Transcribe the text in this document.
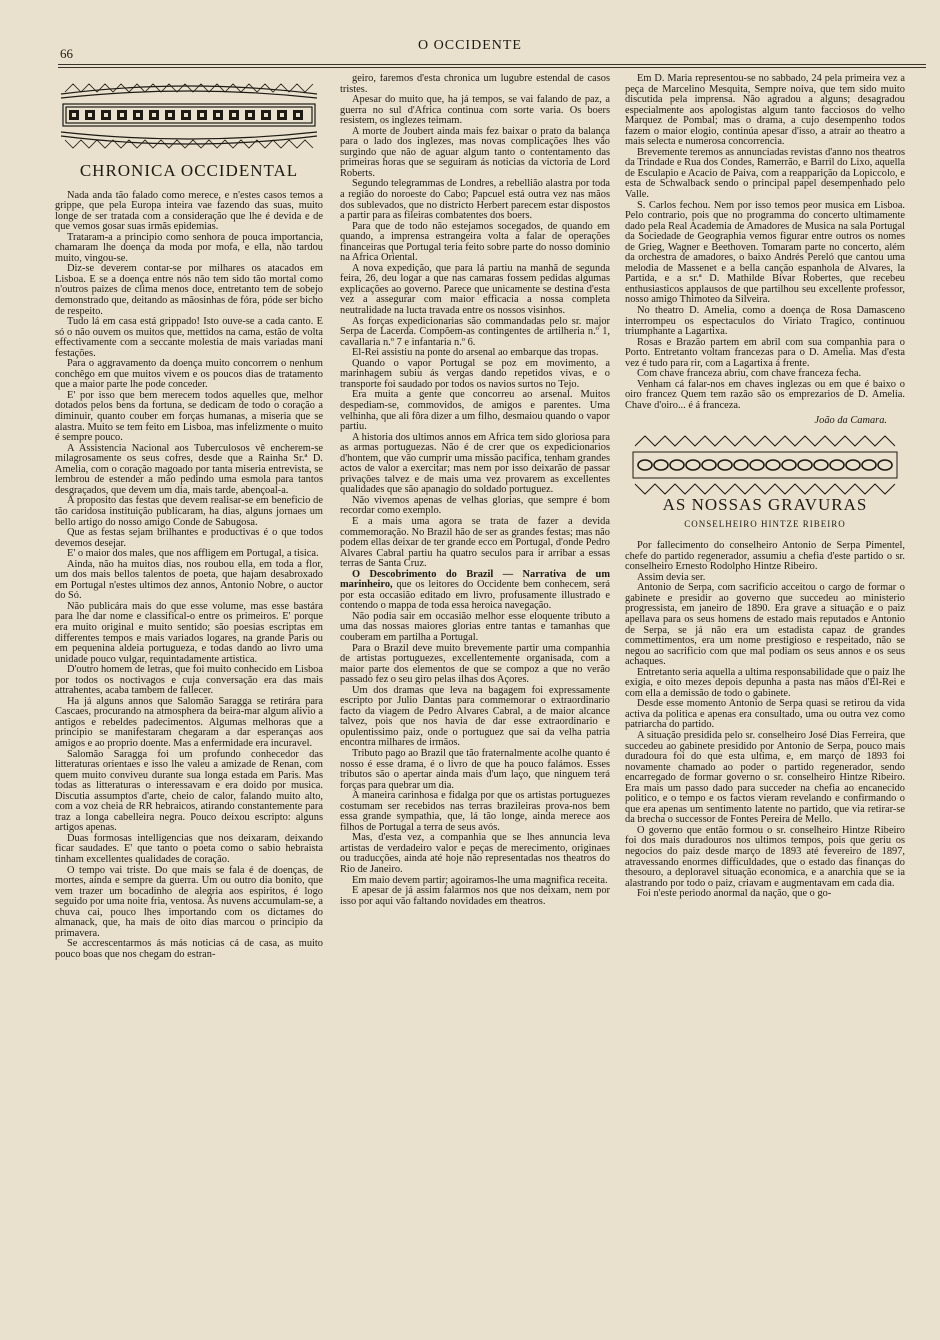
66
O OCCIDENTE
CHRONICA OCCIDENTAL

Nada anda tão falado como merece, e n'estes casos temos a grippe, que pela Europa inteira vae fazendo das suas, muito longe de ser tratada com a consideração que lhe é devida e de que vemos gosar suas irmãs epidemias.

Trataram-a a principio como senhora de pouca importancia, chamaram lhe doença da moda por mofa, e ella, não tardou muito, vingou-se.

Diz-se deverem contar-se por milhares os atacados em Lisboa. E se a doença entre nós não tem sido tão mortal como n'outros paizes de clima menos doce, entretanto tem de sobejo demonstrado que, deitando as mãosinhas de fóra, póde ser bicho de respeito.

Tudo lá em casa está grippado! Isto ouve-se a cada canto. E só o não ouvem os muitos que, mettidos na cama, estão de volta effectivamente com a seccante molestia de mais variadas mani festações.

Para o aggravamento da doença muito concorrem o nenhum conchêgo em que muitos vivem e os poucos dias de tratamento que a maior parte lhe pode conceder.

E' por isso que bem merecem todos aquelles que, melhor dotados pelos bens da fortuna, se dedicam de todo o coração a diminuir, quanto couber em forças humanas, a miseria que se alastra. Muito se tem feito em Lisboa, mas infelizmente o muito é sempre pouco.

A Assistencia Nacional aos Tuberculosos vê encherem-se milagrosamente os seus cofres, desde que a Rainha Sr.ª D. Amelia, com o coração magoado por tanta miseria entrevista, se lembrou de estender a mão pedindo uma esmola para tantos desgraçados, que devem um dia, mais tarde, abençoal-a.

A proposito das festas que devem realisar-se em beneficio de tão caridosa instituição publicaram, ha dias, alguns jornaes um bello artigo do nosso amigo Conde de Sabugosa.

Que as festas sejam brilhantes e productivas é o que todos devemos desejar.

E' o maior dos males, que nos affligem em Portugal, a tisica.

Ainda, não ha muitos dias, nos roubou ella, em toda a flor, um dos mais bellos talentos de poeta, que hajam desabroxado em Portugal n'estes ultimos dez annos, Antonio Nobre, o auctor do Só.

Não publicára mais do que esse volume, mas esse bastára para lhe dar nome e classifical-o entre os primeiros. E' porque era muito original e muito sentido; são poesias escriptas em differentes tempos e mais variados logares, na grande Paris ou em pequenina aldeia portugueza, e todas dando ao livro uma unidade pouco vulgar, requintadamente artistica.

D'outro homem de letras, que foi muito conhecido em Lisboa por todos os noctivagos e cuja conversação era das mais attrahentes, acaba tambem de fallecer.

Ha já alguns annos que Salomão Saragga se retirára para Cascaes, procurando na atmosphera da beira-mar algum alivio a antigos e rebeldes padecimentos. Algumas melhoras que a principio se manifestaram chegaram a dar esperanças aos amigos e ao proprio doente. Mas a enfermidade era incuravel.

Salomão Saragga foi um profundo conhecedor das litteraturas orientaes e isso lhe valeu a amizade de Renan, com quem muito conviveu durante sua longa estada em Paris. Mas todas as litteraturas o interessavam e era doido por musica. Discutia assumptos d'arte, cheio de calor, falando muito alto, com a voz cheia de RR hebraicos, atirando constantemente para traz a longa cabelleira negra. Pouco deixou escripto: alguns artigos apenas.

Duas formosas intelligencias que nos deixaram, deixando ficar saudades. E' que tanto o poeta como o sabio hebraista tinham excellentes qualidades de coração.

O tempo vai triste. Do que mais se fala é de doenças, de mortes, ainda e sempre da guerra. Um ou outro dia bonito, que vem trazer um bocadinho de alegria aos espiritos, é logo seguido por uma noite fria, ventosa. As nuvens accumulam-se, a chuva cai, pouco lhes importando com os dictames do almanack, que, ha mais de oito dias marcou o principio da primavera.

Se accrescentarmos ás más noticias cá de casa, as muito pouco boas que nos chegam do estran-

geiro, faremos d'esta chronica um lugubre estendal de casos tristes.

Apesar do muito que, ha já tempos, se vai falando de paz, a guerra no sul d'Africa continua com sorte varia. Os boers resistem, os inglezes teimam.

A morte de Joubert ainda mais fez baixar o prato da balança para o lado dos inglezes, mas novas complicações lhes vão surgindo que não de aguar algum tanto o contentamento das primeiras horas que se seguiram ás noticias da victoria de Lord Roberts.

Segundo telegrammas de Londres, a rebellião alastra por toda a região do noroeste do Cabo; Papcuel está outra vez nas mãos dos sublevados, que no districto Herbert parecem estar dispostos a partir para as fileiras combatentes dos boers.

Para que de todo não estejamos socegados, de quando em quando, a imprensa estrangeira volta a falar de operações financeiras que Portugal teria feito sobre parte do nosso dominio na Africa Oriental.

A nova expedição, que para lá partiu na manhã de segunda feira, 26, deu logar a que nas camaras fossem pedidas algumas explicações ao governo. Parece que unicamente se destina d'esta vez a assegurar com maior efficacia a nossa completa neutralidade na lucta travada entre os nossos visinhos.

As forças expedicionarias são commandadas pelo sr. major Serpa de Lacerda. Compõem-as contingentes de artilheria n.º 1, cavallaria n.º 7 e infantaria n.º 6.

El-Rei assistiu na ponte do arsenal ao embarque das tropas.

Quando o vapor Portugal se poz em movimento, a marinhagem subiu ás vergas dando repetidos vivas, e o transporte foi saudado por todos os navios surtos no Tejo.

Era muita a gente que concorreu ao arsenal. Muitos despediam-se, commovidos, de amigos e parentes. Uma velhinha, que ali fôra dizer a um filho, desmaiou quando o vapor partiu.

A historia dos ultimos annos em Africa tem sido gloriosa para as armas portuguezas. Não é de crer que os expedicionarios d'hontem, que vão cumprir uma missão pacifica, tenham grandes actos de valor a exercitar; mas nem por isso deixarão de passar privações talvez e de mais uma vez provarem as excellentes qualidades que são apanagio do soldado portuguez.

Não vivemos apenas de velhas glorias, que sempre é bom recordar como exemplo.

E a mais uma agora se trata de fazer a devida commemoração. No Brazil hão de ser as grandes festas; mas não podem ellas deixar de ter grande ecco em Portugal, d'onde Pedro Alvares Cabral partiu ha quatro seculos para ir arribar a essas terras de Santa Cruz.

O Descobrimento do Brazil — Narrativa de um marinheiro, que os leitores do Occidente bem conhecem, será por esta occasião editado em livro, profusamente illustrado e contendo o mappa de toda essa heroica navegação.

Não podia sair em occasião melhor esse eloquente tributo a uma das nossas maiores glorias entre tantas e tamanhas que couberam em partilha a Portugal.

Para o Brazil deve muito brevemente partir uma companhia de artistas portuguezes, excellentemente organisada, com a maior parte dos elementos de que se compoz a que no verão passado fez o seu giro pelas ilhas dos Açores.

Um dos dramas que leva na bagagem foi expressamente escripto por Julio Dantas para commemorar o extraordinario facto da viagem de Pedro Alvares Cabral, a de maior alcance talvez, pois que nos havia de dar esse extraordinario e opulentissimo paiz, onde o portuguez que sai da velha patria encontra milhares de irmãos.

Tributo pago ao Brazil que tão fraternalmente acolhe quanto é nosso é esse drama, é o livro de que ha pouco falámos. Esses tributos são o apertar ainda mais d'um laço, que ninguem terá forças para quebrar um dia.

A maneira carinhosa e fidalga por que os artistas portuguezes costumam ser recebidos nas terras brazileiras prova-nos bem essa grande sympathia, que, lá tão longe, ainda merece aos filhos de Portugal a terra de seus avós.

Mas, d'esta vez, a companhia que se lhes annuncia leva artistas de verdadeiro valor e peças de merecimento, originaes ou traducções, ainda até hoje não representadas nos theatros do Rio de Janeiro.

Em maio devem partir; agoiramos-lhe uma magnifica receita.

E apesar de já assim falarmos nos que nos deixam, nem por isso por aqui vão faltando novidades em theatros.

Em D. Maria representou-se no sabbado, 24 pela primeira vez a peça de Marcelino Mesquita, Sempre noiva, que tem sido muito discutida pela imprensa. Não agradou a alguns; desagradou especialmente aos apologistas algum tanto facciosos do velho Marquez de Pombal; mas o drama, a cujo desempenho todos fazem o maior elogio, continúa apesar d'isso, a atrair ao theatro a mais selecta e numerosa concorrencia.

Brevemente teremos as annunciadas revistas d'anno nos theatros da Trindade e Rua dos Condes, Ramerrão, e Barril do Lixo, aquella de Esculapio e Acacio de Paiva, com a reapparição da Lopiccolo, e esta de Schwalback sendo o principal papel desempenhado pelo Valle.

S. Carlos fechou. Nem por isso temos peor musica em Lisboa. Pelo contrario, pois que no programma do concerto ultimamente dado pela Real Academia de Amadores de Musica na sala Portugal da Sociedade de Geographia vemos figurar entre outros os nomes de Grieg, Wagner e Beethoven. Tomaram parte no concerto, além da orchestra de amadores, o baixo Andrés Pereló que cantou uma melodia de Massenet e a bella canção espanhola de Alvares, la Partida, e a sr.ª D. Mathilde Bivar Robertes, que recebeu enthusiasticos applausos de que partilhou seu excellente professor, nosso amigo Thimoteo da Silveira.

No theatro D. Amelia, como a doença de Rosa Damasceno interrompeu os espectaculos do Viriato Tragico, continuou triumphante a Lagartixa.

Rosas e Brazão partem em abril com sua companhia para o Porto. Entretanto voltam francezas para o D. Amelia. Mas d'esta vez é tudo para rir, com a Lagartixa á frente.

Com chave franceza abriu, com chave franceza fecha.

Venham cá falar-nos em chaves inglezas ou em que é baixo o oiro francez Quem tem razão são os emprezarios de D. Amelia. Chave d'oiro... é á franceza.

João da Camara.
AS NOSSAS GRAVURAS
CONSELHEIRO HINTZE RIBEIRO

Por fallecimento do conselheiro Antonio de Serpa Pimentel, chefe do partido regenerador, assumiu a chefia d'este partido o sr. conselheiro Ernesto Rodolpho Hintze Ribeiro.

Assim devia ser.

Antonio de Serpa, com sacrificio acceitou o cargo de formar o gabinete e presidir ao governo que succedeu ao ministerio progressista, em janeiro de 1890. Era grave a situação e o paiz apellava para os seus homens de estado mais reputados e Antonio de Serpa, se já não era um estadista capaz de grandes commettimentos, era um nome prestigioso e respeitado, não se negou ao sacrificio com que mal podiam os seus annos e os seus achaques.

Entretanto seria aquella a ultima responsabilidade que o paiz lhe exigia, e oito mezes depois depunha a pasta nas mãos d'El-Rei e com ella a demissão de todo o gabinete.

Desde esse momento Antonio de Serpa quasi se retirou da vida activa da politica e apenas era consultado, uma ou outra vez como patriarcha do partido.

A situação presidida pelo sr. conselheiro José Dias Ferreira, que succedeu ao gabinete presidido por Antonio de Serpa, pouco mais duradoura foi do que esta ultima, e, em março de 1893 foi novamente chamado ao poder o partido regenerador, sendo encarregado de formar governo o sr. conselheiro Hintze Ribeiro. Era mais um passo dado para succeder na chefia ao encanecido politico, e o tempo e os factos vieram revelando e confirmando o que era apenas um sentimento latente no partido, que via retirar-se da brecha o successor de Fontes Pereira de Mello.

O governo que então formou o sr. conselheiro Hintze Ribeiro foi dos mais duradouros nos ultimos tempos, pois que geriu os negocios do paiz desde março de 1893 até fevereiro de 1897, atravessando enormes difficuldades, que o estado das finanças do thesouro, a deploravel situação economica, e a anarchia que se ia alastrando por todo o paiz, criavam e augmentavam em cada dia.

Foi n'este periodo anormal da nação, que o go-
